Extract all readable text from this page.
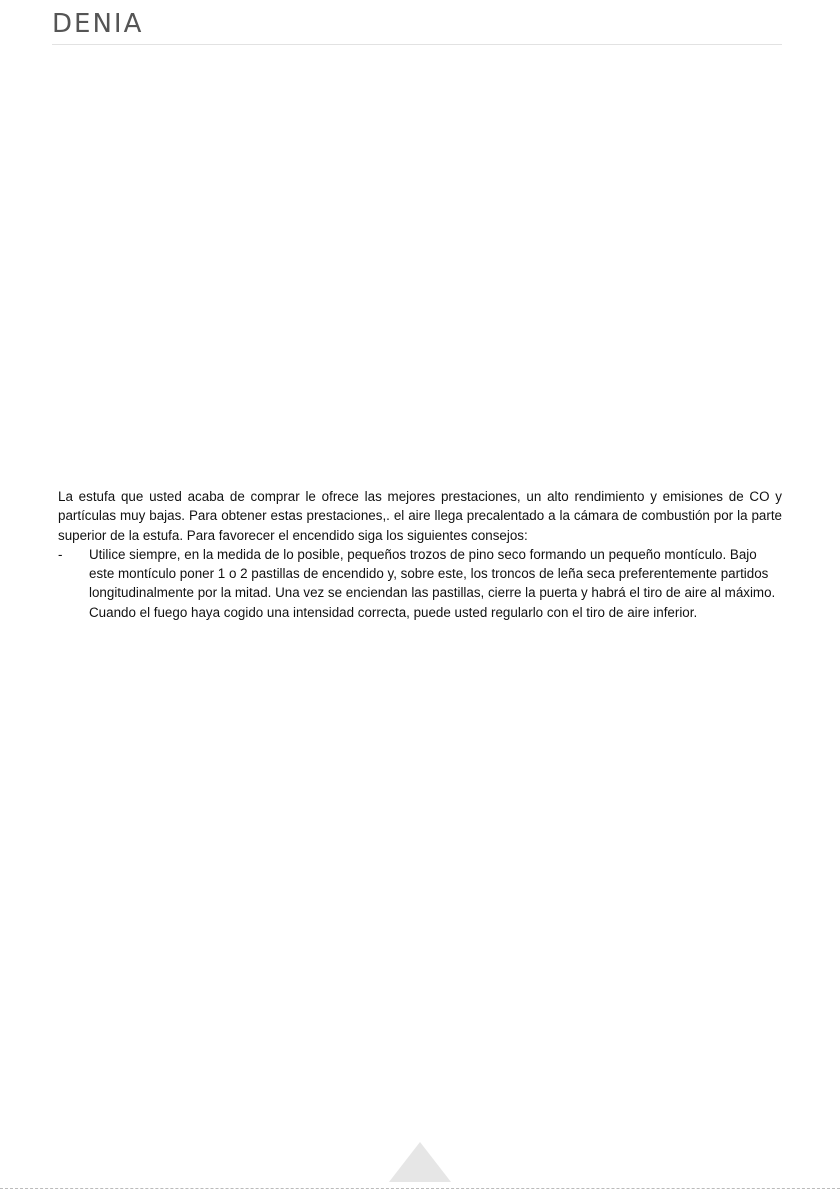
DENIA

La estufa que usted acaba de comprar le ofrece las mejores prestaciones, un alto rendimiento y emisiones de CO y partículas muy bajas. Para obtener estas prestaciones,. el aire llega precalentado a la cámara de combustión por la parte superior de la estufa. Para favorecer el encendido siga los siguientes consejos:

-	Utilice siempre, en la medida de lo posible, pequeños trozos de pino seco formando un pequeño montículo. Bajo este montículo poner 1 o 2 pastillas de encendido y, sobre este, los troncos de leña seca preferentemente partidos longitudinalmente por la mitad. Una vez se enciendan las pastillas, cierre la puerta y habrá el tiro de aire al máximo.

Cuando el fuego haya cogido una intensidad correcta, puede usted regularlo con el tiro de aire inferior.
